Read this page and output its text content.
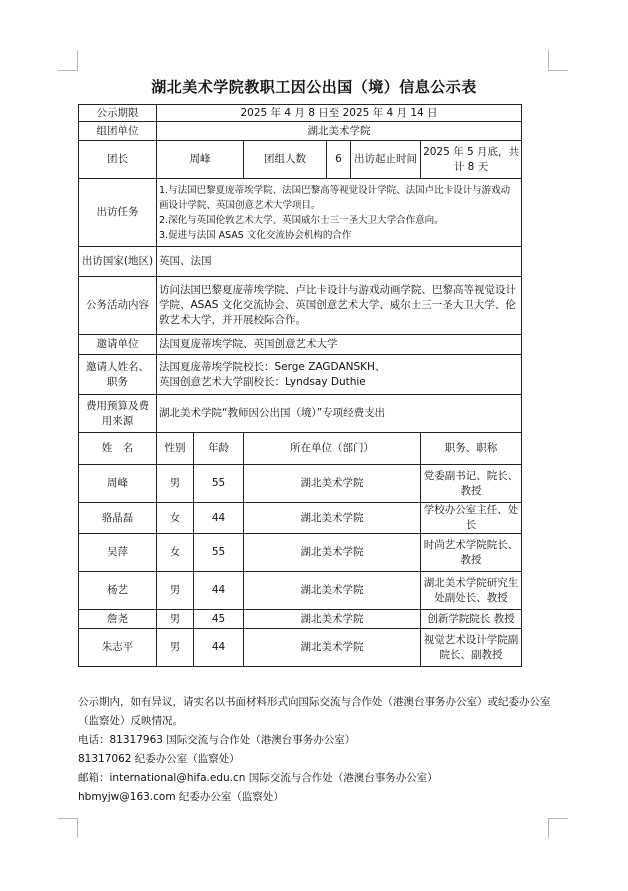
湖北美术学院教职工因公出国（境）信息公示表
公示期限	2025 年 4 月 8 日至 2025 年 4 月 14 日					
组团单位	湖北美术学院					
团长	周峰		团组人数	6	出访起止时间	2025 年 5 月底，共计 8 天
出访任务	1.与法国巴黎夏庞蒂埃学院、法国巴黎高等视觉设计学院、法国卢比卡设计与游戏动画设计学院、英国创意艺术大学项目。
2.深化与英国伦敦艺术大学、英国威尔士三一圣大卫大学合作意向。
3.促进与法国 ASAS 文化交流协会机构的合作					

出访国家(地区)	英国、法国					
公务活动内容	访问法国巴黎夏庞蒂埃学院、卢比卡设计与游戏动画学院、巴黎高等视觉设计学院、ASAS 文化交流协会、英国创意艺术大学、威尔士三一圣大卫大学、伦敦艺术大学，并开展校际合作。					
邀请单位	法国夏庞蒂埃学院、英国创意艺术大学					
邀请人姓名、职务	法国夏庞蒂埃学院校长：Serge ZAGDANSKH、
英国创意艺术大学副校长：Lyndsay Duthie					

费用预算及费用来源	湖北美术学院“教师因公出国（境）”专项经费支出					
姓　名	性别	年龄	所在单位（部门）			职务、职称
周峰	男	55	湖北美术学院			党委副书记、院长、教授
骆晶磊	女	44	湖北美术学院			学校办公室主任、处长
吴萍	女	55	湖北美术学院			时尚艺术学院院长、教授
杨艺	男	44	湖北美术学院			湖北美术学院研究生处副处长、教授
詹尧	男	45	湖北美术学院			创新学院院长 教授
朱志平	男	44	湖北美术学院			视觉艺术设计学院副院长、副教授

公示期内，如有异议，请实名以书面材料形式向国际交流与合作处（港澳台事务办公室）或纪委办公室（监察处）反映情况。

电话：81317963 国际交流与合作处（港澳台事务办公室）

81317062 纪委办公室（监察处）

邮箱：international@hifa.edu.cn 国际交流与合作处（港澳台事务办公室）

hbmyjw@163.com 纪委办公室（监察处）
